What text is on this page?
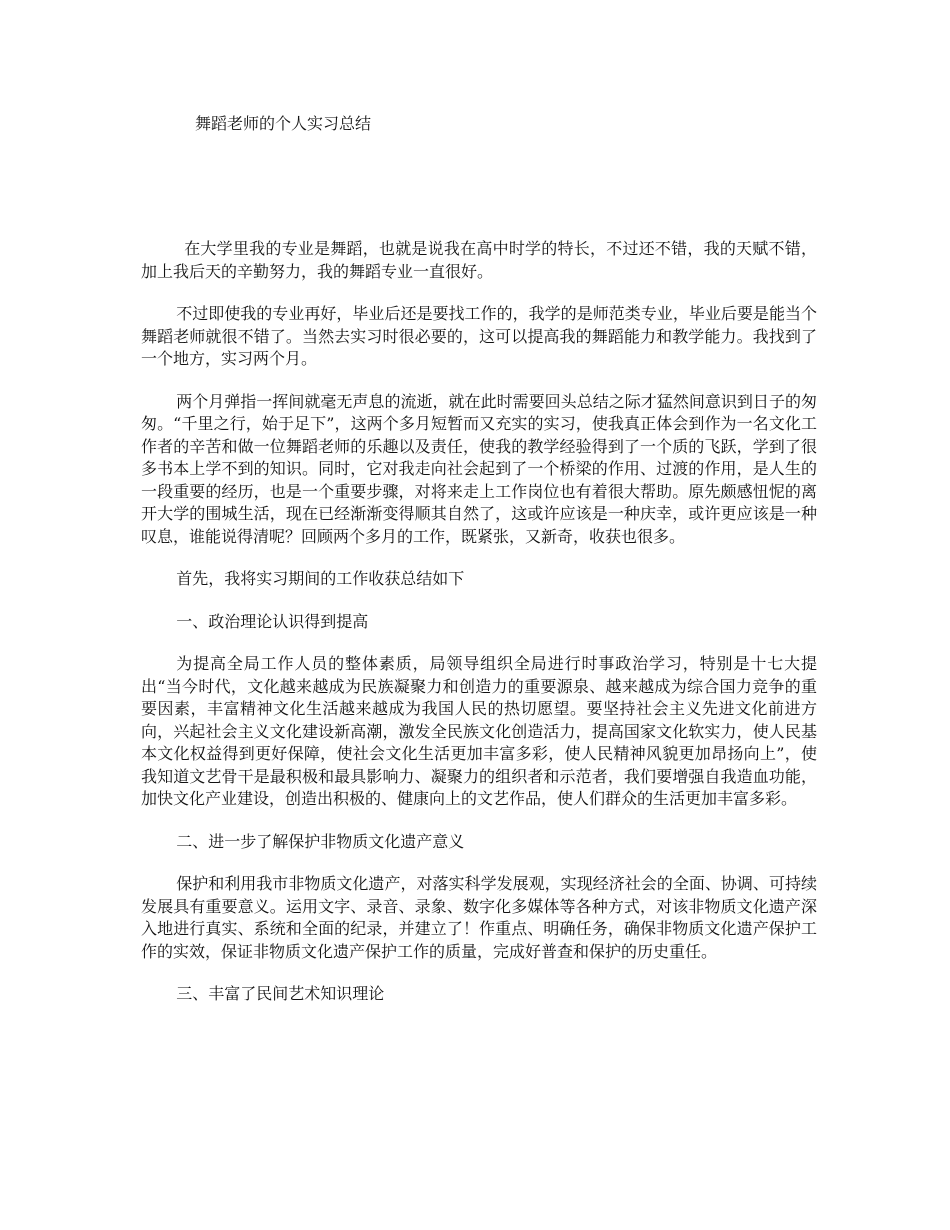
舞蹈老师的个人实习总结

在大学里我的专业是舞蹈，也就是说我在高中时学的特长，不过还不错，我的天赋不错，加上我后天的辛勤努力，我的舞蹈专业一直很好。

不过即使我的专业再好，毕业后还是要找工作的，我学的是师范类专业，毕业后要是能当个舞蹈老师就很不错了。当然去实习时很必要的，这可以提高我的舞蹈能力和教学能力。我找到了一个地方，实习两个月。

两个月弹指一挥间就毫无声息的流逝，就在此时需要回头总结之际才猛然间意识到日子的匆匆。“千里之行，始于足下”，这两个多月短暂而又充实的实习，使我真正体会到作为一名文化工作者的辛苦和做一位舞蹈老师的乐趣以及责任，使我的教学经验得到了一个质的飞跃，学到了很多书本上学不到的知识。同时，它对我走向社会起到了一个桥梁的作用、过渡的作用，是人生的一段重要的经历，也是一个重要步骤，对将来走上工作岗位也有着很大帮助。原先颇感忸怩的离开大学的围城生活，现在已经渐渐变得顺其自然了，这或许应该是一种庆幸，或许更应该是一种叹息，谁能说得清呢？回顾两个多月的工作，既紧张，又新奇，收获也很多。

首先，我将实习期间的工作收获总结如下

一、政治理论认识得到提高

为提高全局工作人员的整体素质，局领导组织全局进行时事政治学习，特别是十七大提出“当今时代，文化越来越成为民族凝聚力和创造力的重要源泉、越来越成为综合国力竞争的重要因素，丰富精神文化生活越来越成为我国人民的热切愿望。要坚持社会主义先进文化前进方向，兴起社会主义文化建设新高潮，激发全民族文化创造活力，提高国家文化软实力，使人民基本文化权益得到更好保障，使社会文化生活更加丰富多彩，使人民精神风貌更加昂扬向上”，使我知道文艺骨干是最积极和最具影响力、凝聚力的组织者和示范者，我们要增强自我造血功能，加快文化产业建设，创造出积极的、健康向上的文艺作品，使人们群众的生活更加丰富多彩。

二、进一步了解保护非物质文化遗产意义

保护和利用我市非物质文化遗产，对落实科学发展观，实现经济社会的全面、协调、可持续发展具有重要意义。运用文字、录音、录象、数字化多媒体等各种方式，对该非物质文化遗产深入地进行真实、系统和全面的纪录，并建立了！作重点、明确任务，确保非物质文化遗产保护工作的实效，保证非物质文化遗产保护工作的质量，完成好普查和保护的历史重任。

三、丰富了民间艺术知识理论
